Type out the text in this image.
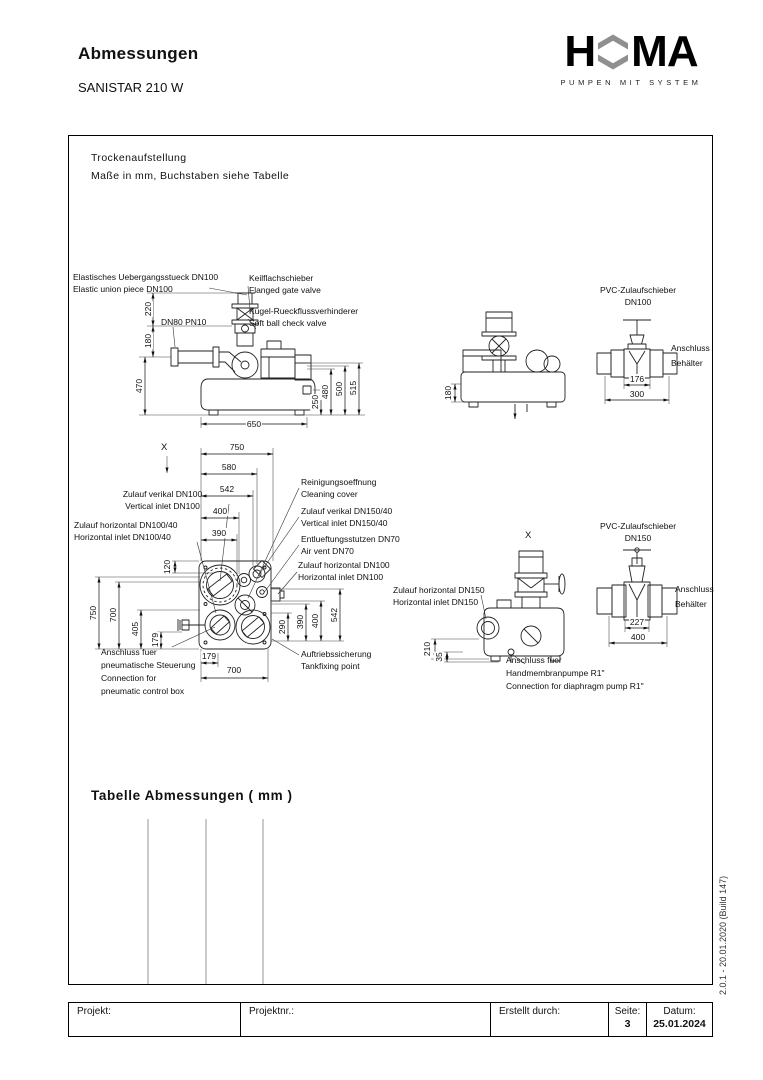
Abmessungen
SANISTAR 210 W
H MA
PUMPEN MIT SYSTEM
Trockenaufstellung
Maße in mm, Buchstaben siehe Tabelle
Elastisches Uebergangsstueck DN100
Elastic union piece DN100
Keilflachschieber
Flanged gate valve
Kugel-Rueckflussverhinderer
Soft ball check valve
DN80 PN10
220
180
470
250
480 500 515
650
180
PVC-Zulaufschieber
DN100
Anschluss
Behälter
176
300
X	750
580
542
400
390
120
Zulauf verikal DN100
Vertical inlet DN100
Zulauf horizontal DN100/40
Horizontal inlet DN100/40
Reinigungsoeffnung
Cleaning cover
Zulauf verikal DN150/40
Vertical inlet DN150/40
Entlueftungsstutzen DN70
Air vent DN70
Zulauf horizontal DN100
Horizontal inlet DN100
750 700
405
179
290 390 400 542
179
700
Anschluss fuer
pneumatische Steuerung
Connection for
pneumatic control box
Auftriebssicherung
Tankfixing point
X
Zulauf horizontal DN150
Horizontal inlet DN150
210
35	Anschluss fuer
Handmembranpumpe R1"
Connection for diaphragm pump R1"
PVC-Zulaufschieber
DN150
Anschluss
Behälter
227
400
Tabelle Abmessungen ( mm )
2.0.1 - 20.01.2020 (Build 147)
Projekt:	Projektnr.:	Erstellt durch:	Seite:
3
Datum:
25.01.2024
